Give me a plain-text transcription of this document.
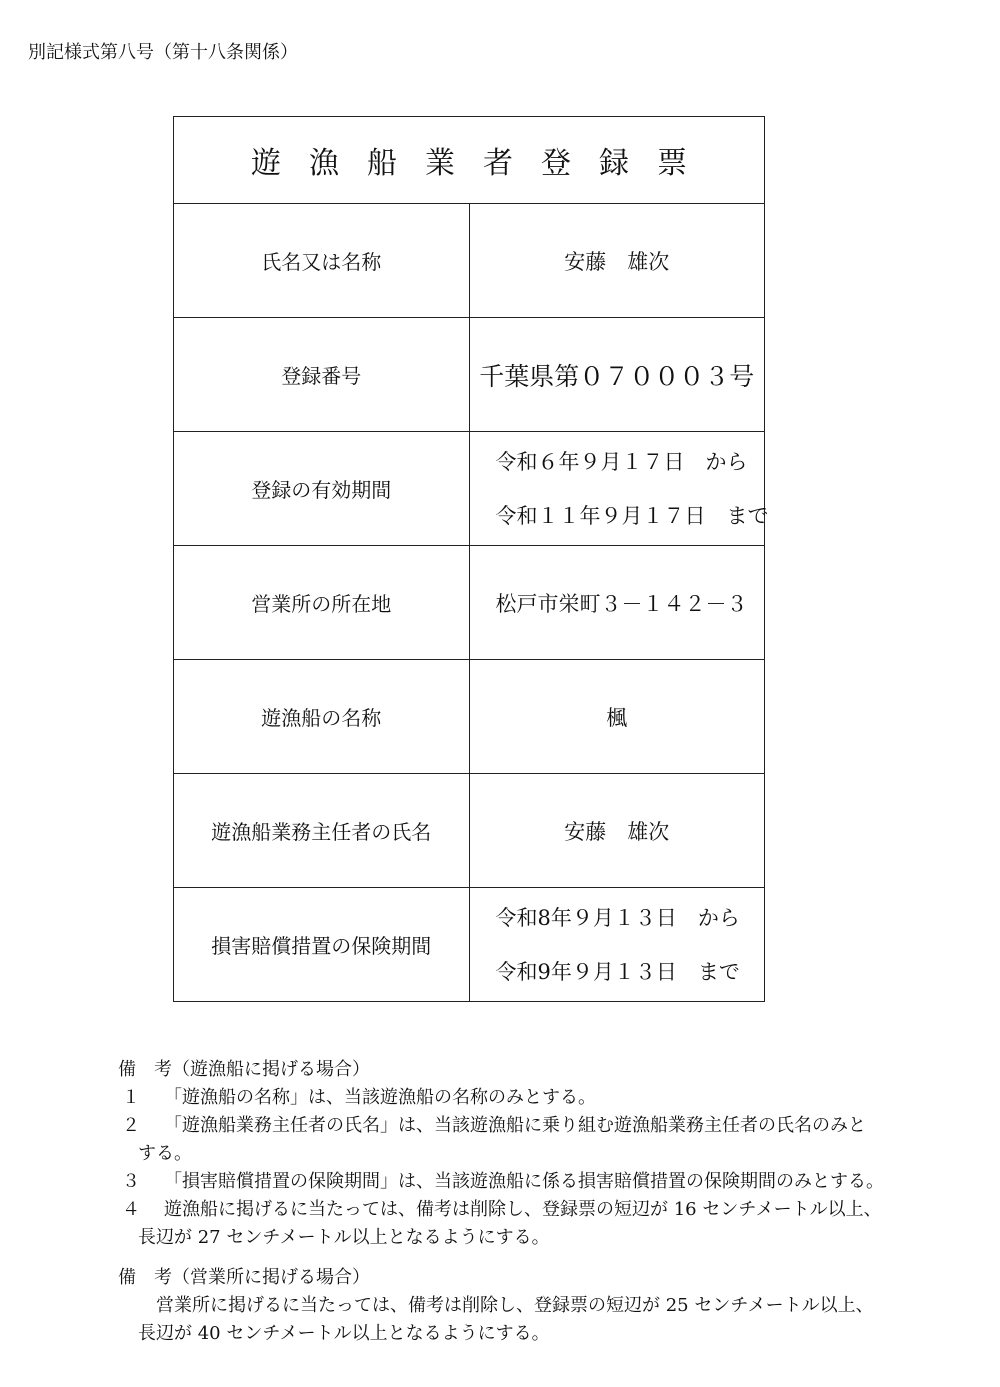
別記様式第八号（第十八条関係）
遊漁船業者登録票	
氏名又は名称	安藤　雄次
登録番号	千葉県第０７０００３号
登録の有効期間	令和６年９月１７日　から
令和１１年９月１７日　まで

営業所の所在地	松戸市栄町３－１４２－３
遊漁船の名称	楓
遊漁船業務主任者の氏名	安藤　雄次
損害賠償措置の保険期間	令和8年９月１３日　から
令和9年９月１３日　まで
備　考（遊漁船に掲げる場合）
１	「遊漁船の名称」は、当該遊漁船の名称のみとする。
２	「遊漁船業務主任者の氏名」は、当該遊漁船に乗り組む遊漁船業務主任者の氏名のみと
する。
３	「損害賠償措置の保険期間」は、当該遊漁船に係る損害賠償措置の保険期間のみとする。
４	遊漁船に掲げるに当たっては、備考は削除し、登録票の短辺が 16 センチメートル以上、
長辺が 27 センチメートル以上となるようにする。
備　考（営業所に掲げる場合）
営業所に掲げるに当たっては、備考は削除し、登録票の短辺が 25 センチメートル以上、
長辺が 40 センチメートル以上となるようにする。
